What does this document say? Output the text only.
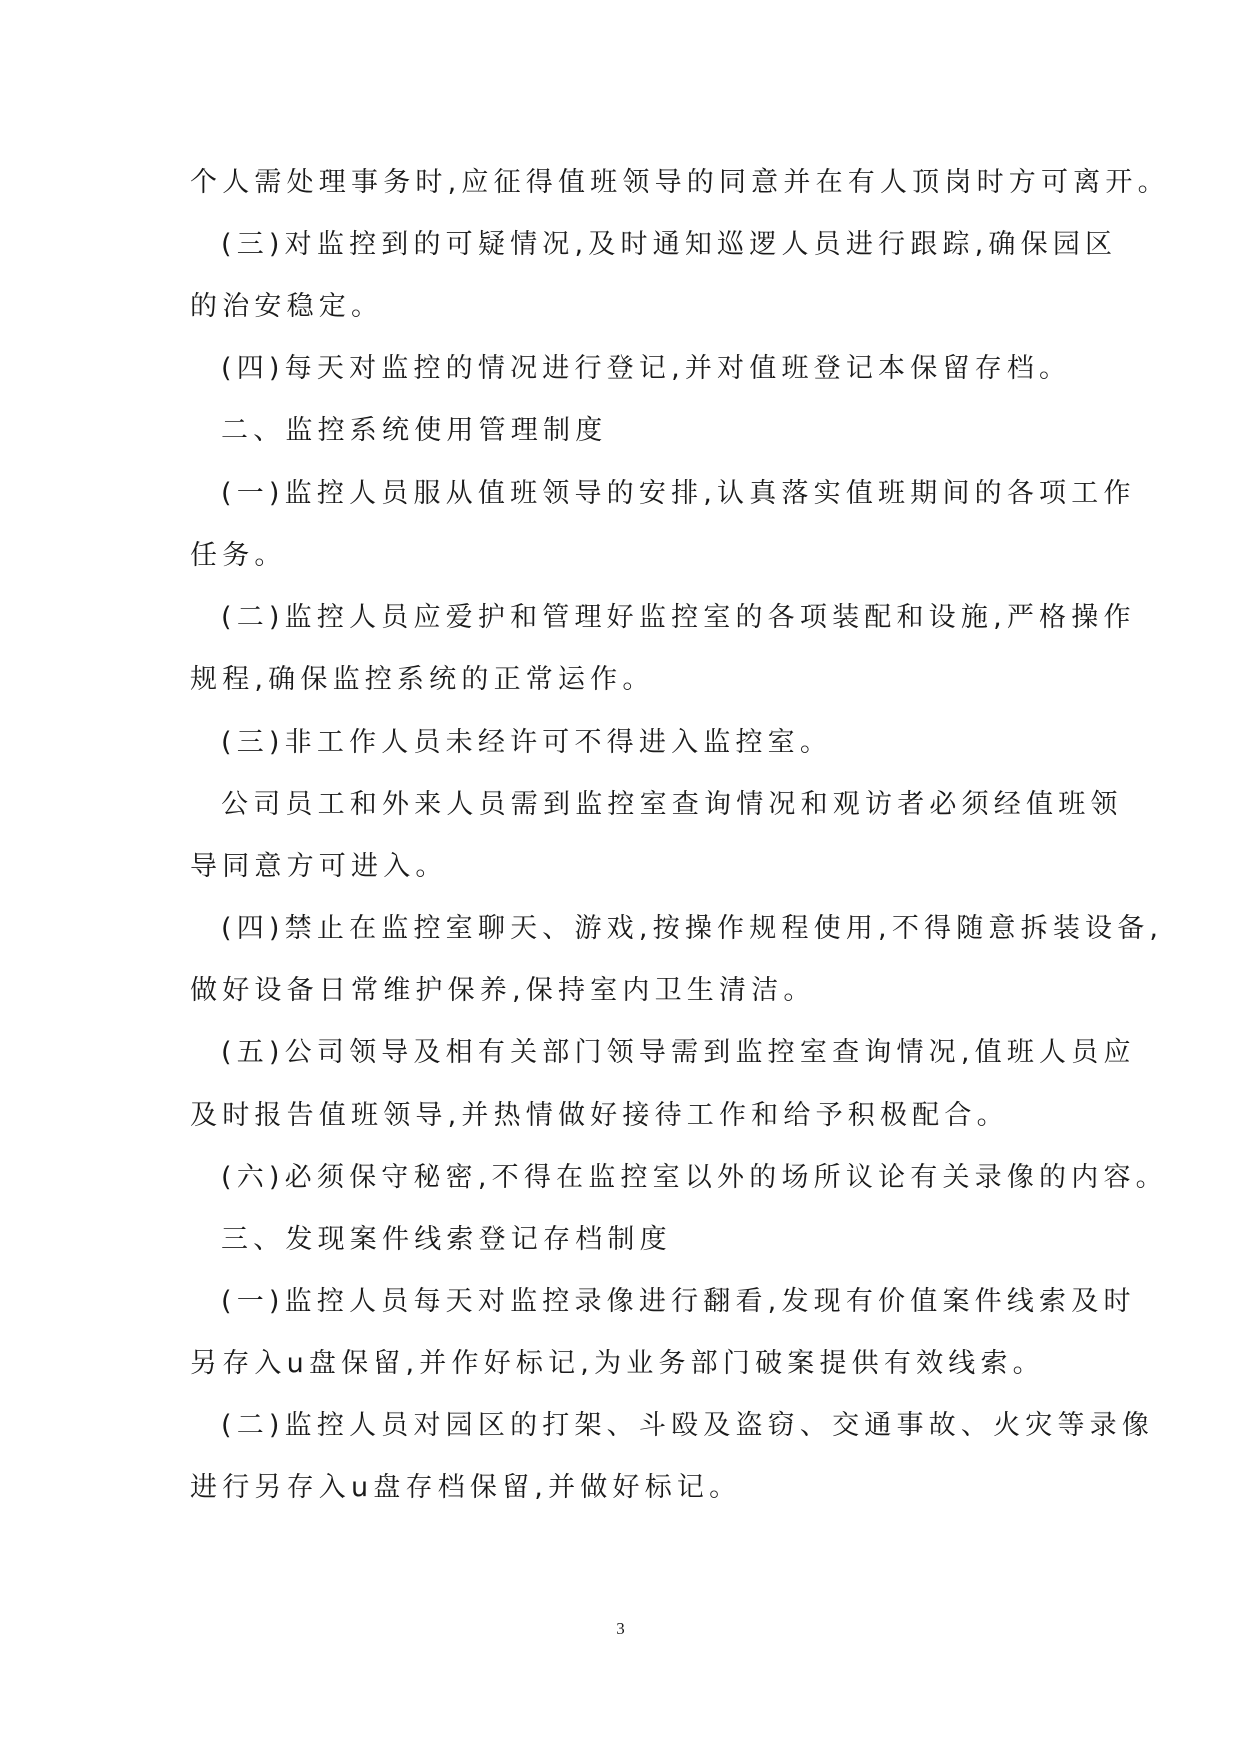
个人需处理事务时,应征得值班领导的同意并在有人顶岗时方可离开。
(三)对监控到的可疑情况,及时通知巡逻人员进行跟踪,确保园区
的治安稳定。
(四)每天对监控的情况进行登记,并对值班登记本保留存档。
二、监控系统使用管理制度
(一)监控人员服从值班领导的安排,认真落实值班期间的各项工作
任务。
(二)监控人员应爱护和管理好监控室的各项装配和设施,严格操作
规程,确保监控系统的正常运作。
(三)非工作人员未经许可不得进入监控室。
公司员工和外来人员需到监控室查询情况和观访者必须经值班领
导同意方可进入。
(四)禁止在监控室聊天、游戏,按操作规程使用,不得随意拆装设备,
做好设备日常维护保养,保持室内卫生清洁。
(五)公司领导及相有关部门领导需到监控室查询情况,值班人员应
及时报告值班领导,并热情做好接待工作和给予积极配合。
(六)必须保守秘密,不得在监控室以外的场所议论有关录像的内容。
三、发现案件线索登记存档制度
(一)监控人员每天对监控录像进行翻看,发现有价值案件线索及时
另存入u盘保留,并作好标记,为业务部门破案提供有效线索。
(二)监控人员对园区的打架、斗殴及盗窃、交通事故、火灾等录像
进行另存入u盘存档保留,并做好标记。
3
